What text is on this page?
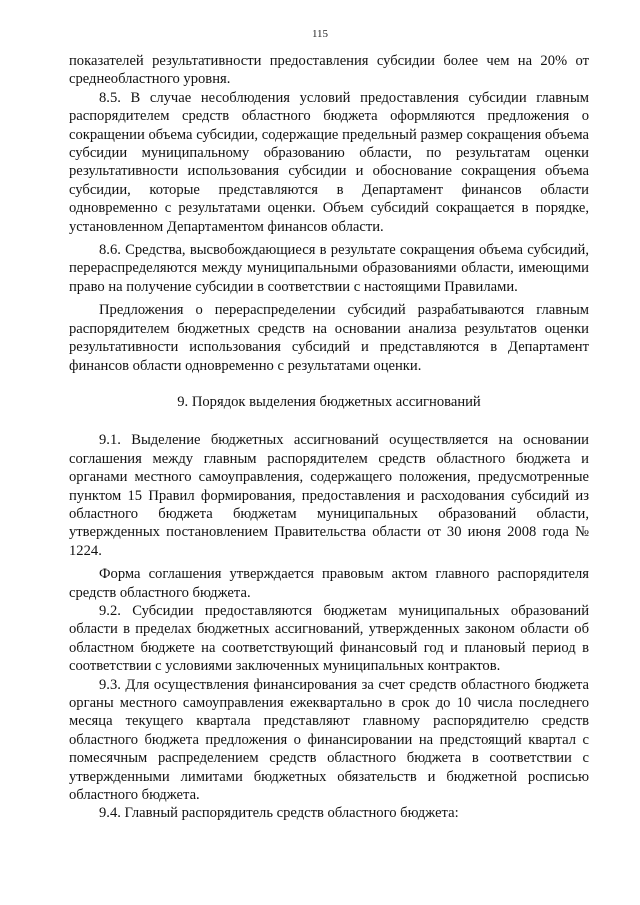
115

показателей результативности предоставления субсидии более чем на 20% от среднеобластного уровня.

8.5. В случае несоблюдения условий предоставления субсидии главным распорядителем средств областного бюджета оформляются предложения о сокращении объема субсидии, содержащие предельный размер сокращения объема субсидии муниципальному образованию области, по результатам оценки результативности использования субсидии и обоснование сокращения объема субсидии, которые представляются в Департамент финансов области одновременно с результатами оценки. Объем субсидий сокращается в порядке, установленном Департаментом финансов области.

8.6. Средства, высвобождающиеся в результате сокращения объема субсидий, перераспределяются между муниципальными образованиями области, имеющими право на получение субсидии в соответствии с настоящими Правилами.

Предложения о перераспределении субсидий разрабатываются главным распорядителем бюджетных средств на основании анализа результатов оценки результативности использования субсидий и представляются в Департамент финансов области одновременно с результатами оценки.

9. Порядок выделения бюджетных ассигнований

9.1. Выделение бюджетных ассигнований осуществляется на основании соглашения между главным распорядителем средств областного бюджета и органами местного самоуправления, содержащего положения, предусмотренные пунктом 15 Правил формирования, предоставления и расходования субсидий из областного бюджета бюджетам муниципальных образований области, утвержденных постановлением Правительства области от 30 июня 2008 года № 1224.

Форма соглашения утверждается правовым актом главного распорядителя средств областного бюджета.

9.2. Субсидии предоставляются бюджетам муниципальных образований области в пределах бюджетных ассигнований, утвержденных законом области об областном бюджете на соответствующий финансовый год и плановый период в соответствии с условиями заключенных муниципальных контрактов.

9.3. Для осуществления финансирования за счет средств областного бюджета органы местного самоуправления ежеквартально в срок до 10 числа последнего месяца текущего квартала представляют главному распорядителю средств областного бюджета предложения о финансировании на предстоящий квартал с помесячным распределением средств областного бюджета в соответствии с утвержденными лимитами бюджетных обязательств и бюджетной росписью областного бюджета.

9.4. Главный распорядитель средств областного бюджета:
